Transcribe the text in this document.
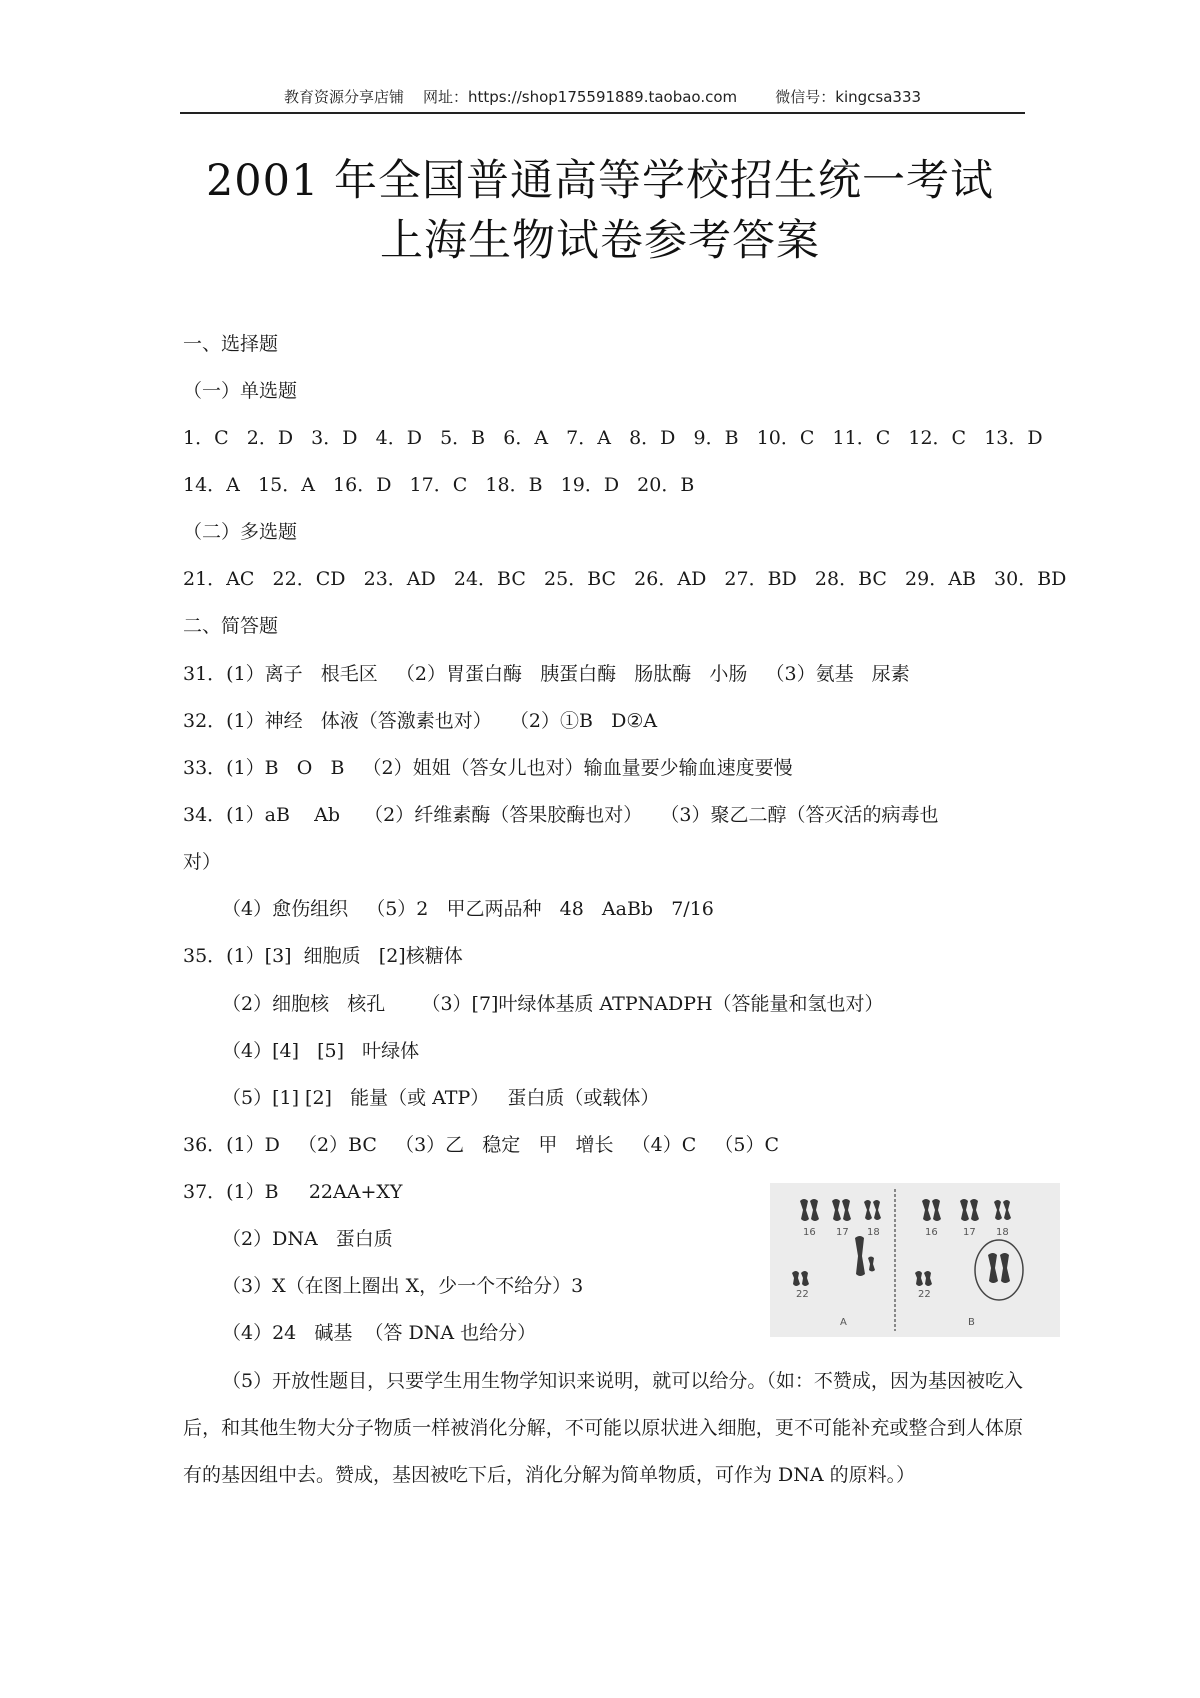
教育资源分享店铺    网址：https://shop175591889.taobao.com        微信号：kingcsa333
2001 年全国普通高等学校招生统一考试
上海生物试卷参考答案
一、选择题
（一）单选题
1．C   2．D   3．D   4．D   5．B   6．A   7．A   8．D   9．B   10．C   11．C   12．C   13．D
14．A   15．A   16．D   17．C   18．B   19．D   20．B
（二）多选题
21．AC   22．CD   23．AD   24．BC   25．BC   26．AD   27．BD   28．BC   29．AB   30．BD
二、简答题
31．(1）离子   根毛区   （2）胃蛋白酶   胰蛋白酶   肠肽酶   小肠   （3）氨基   尿素
32．(1）神经   体液（答激素也对）   （2）①B   D②A
33．(1）B   O   B   （2）姐姐（答女儿也对）输血量要少输血速度要慢
34．(1）aB    Ab    （2）纤维素酶（答果胶酶也对）   （3）聚乙二醇（答灭活的病毒也
对）
（4）愈伤组织   （5）2   甲乙两品种   48   AaBb   7/16
35．(1）[3]  细胞质   [2]核糖体
（2）细胞核   核孔      （3）[7]叶绿体基质 ATPNADPH（答能量和氢也对）
（4）[4]   [5]   叶绿体
（5）[1] [2]   能量（或 ATP）   蛋白质（或载体）
36．(1）D   （2）BC   （3）乙   稳定   甲   增长   （4）C   （5）C
37．(1）B     22AA+XY
（2）DNA   蛋白质
（3）X（在图上圈出 X，少一个不给分）3
（4）24   碱基  （答 DNA 也给分）
（5）开放性题目，只要学生用生物学知识来说明，就可以给分。（如：不赞成，因为基因被吃入后，和其他生物大分子物质一样被消化分解，不可能以原状进入细胞，更不可能补充或整合到人体原有的基因组中去。赞成，基因被吃下后，消化分解为简单物质，可作为 DNA 的原料。）
16 17 18	16	17 18
22	22
A	B
